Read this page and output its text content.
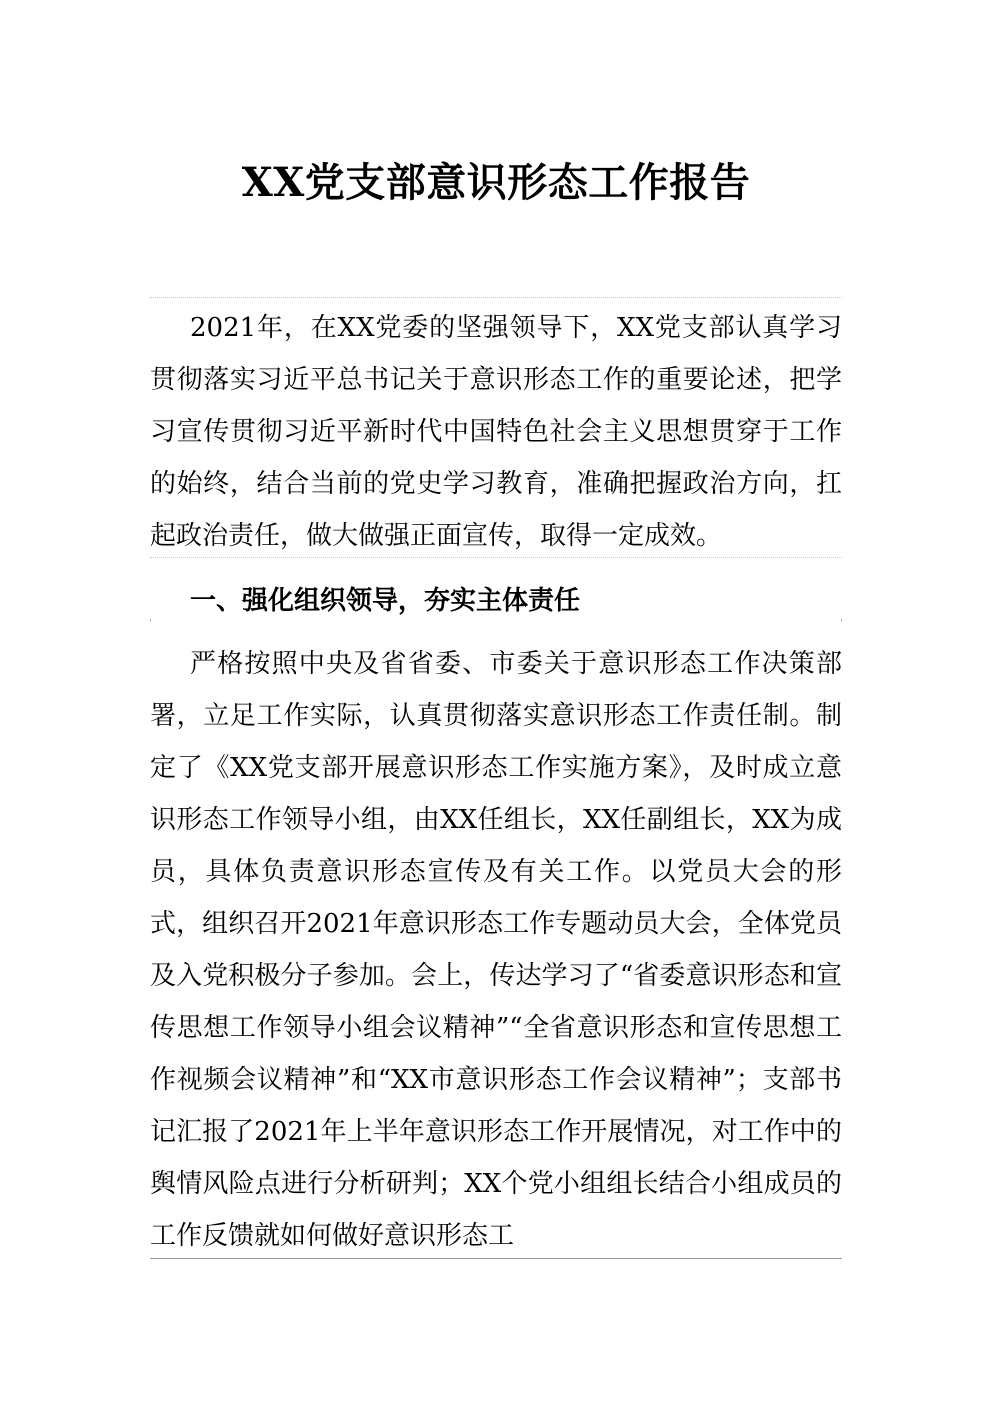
XX党支部意识形态工作报告

2021年，在XX党委的坚强领导下，XX党支部认真学习贯彻落实习近平总书记关于意识形态工作的重要论述，把学习宣传贯彻习近平新时代中国特色社会主义思想贯穿于工作的始终，结合当前的党史学习教育，准确把握政治方向，扛起政治责任，做大做强正面宣传，取得一定成效。

一、强化组织领导，夯实主体责任

严格按照中央及省省委、市委关于意识形态工作决策部署，立足工作实际，认真贯彻落实意识形态工作责任制。制定了《XX党支部开展意识形态工作实施方案》，及时成立意识形态工作领导小组，由XX任组长，XX任副组长，XX为成员，具体负责意识形态宣传及有关工作。以党员大会的形式，组织召开2021年意识形态工作专题动员大会，全体党员及入党积极分子参加。会上，传达学习了“省委意识形态和宣传思想工作领导小组会议精神”“全省意识形态和宣传思想工作视频会议精神”和“XX市意识形态工作会议精神”；支部书记汇报了2021年上半年意识形态工作开展情况，对工作中的舆情风险点进行分析研判；XX个党小组组长结合小组成员的工作反馈就如何做好意识形态工
